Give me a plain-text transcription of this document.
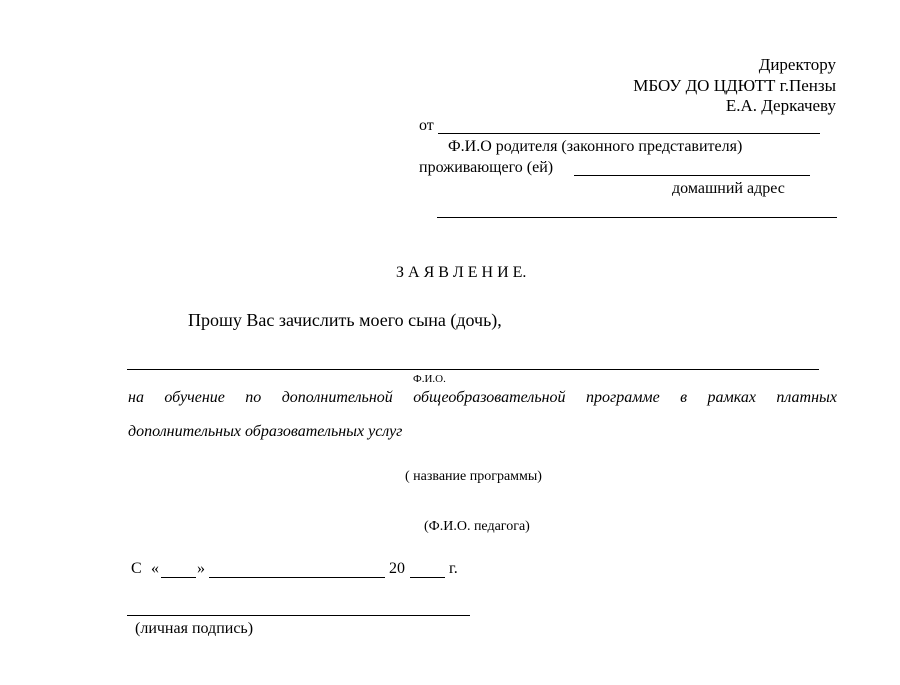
Директору
МБОУ ДО ЦДЮТТ г.Пензы
Е.А. Деркачеву
от
Ф.И.О родителя (законного представителя)
проживающего (ей)
домашний адрес
З А Я В Л Е Н И Е.
Прошу Вас зачислить моего сына (дочь),
Ф.И.О.
на обучение по дополнительной общеобразовательной программе в рамках платных
дополнительных образовательных услуг
( название программы)
(Ф.И.О. педагога)
С « »	20	г.
(личная подпись)
